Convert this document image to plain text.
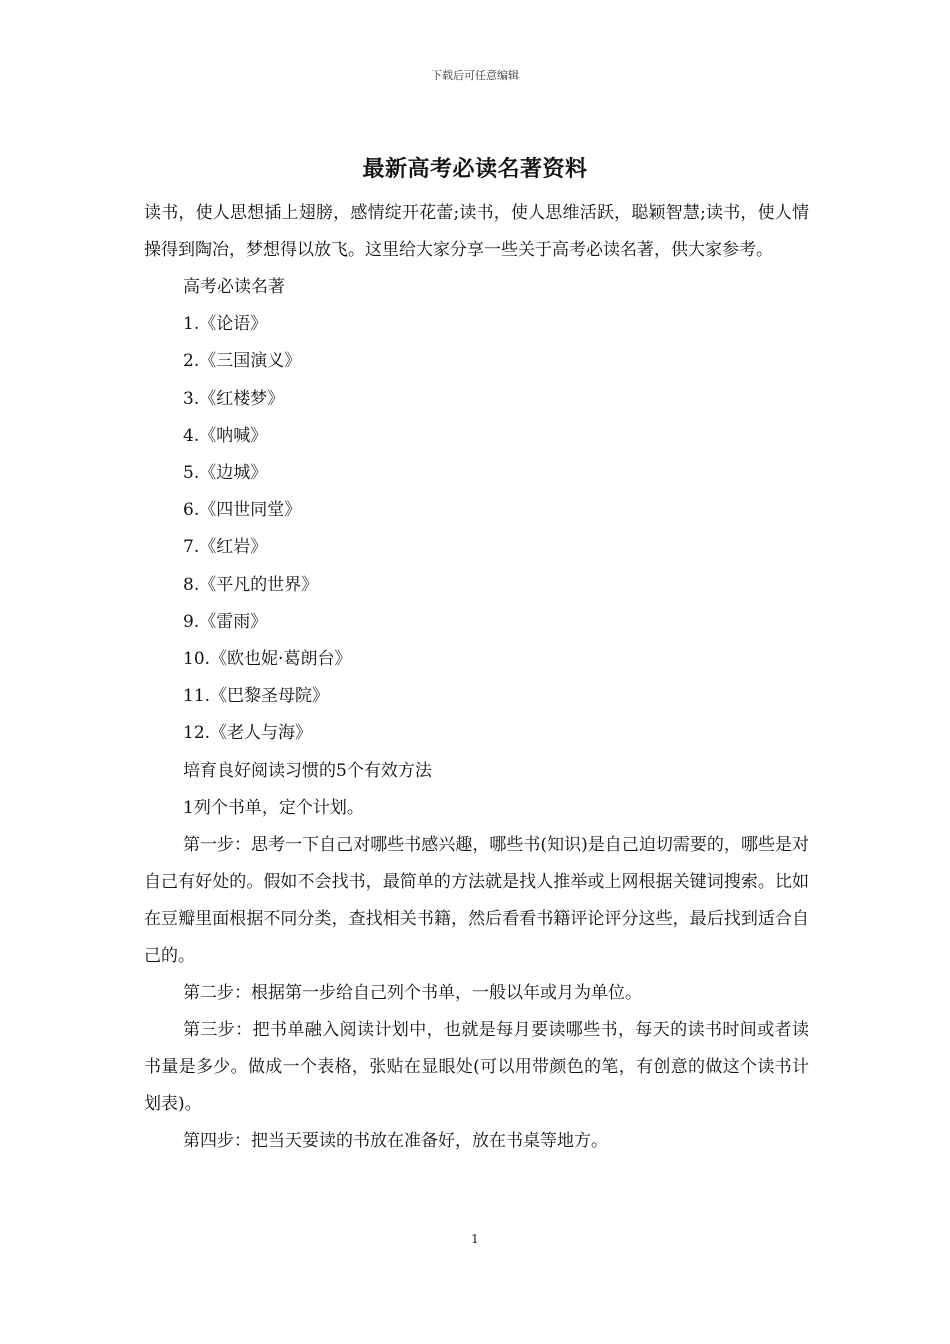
下载后可任意编辑
最新高考必读名著资料

读书，使人思想插上翅膀，感情绽开花蕾;读书，使人思维活跃，聪颖智慧;读书，使人情操得到陶冶，梦想得以放飞。这里给大家分享一些关于高考必读名著，供大家参考。

高考必读名著

1.《论语》

2.《三国演义》

3.《红楼梦》

4.《呐喊》

5.《边城》

6.《四世同堂》

7.《红岩》

8.《平凡的世界》

9.《雷雨》

10.《欧也妮·葛朗台》

11.《巴黎圣母院》

12.《老人与海》

培育良好阅读习惯的5个有效方法

1列个书单，定个计划。

第一步：思考一下自己对哪些书感兴趣，哪些书(知识)是自己迫切需要的，哪些是对自己有好处的。假如不会找书，最简单的方法就是找人推举或上网根据关键词搜索。比如在豆瓣里面根据不同分类，查找相关书籍，然后看看书籍评论评分这些，最后找到适合自己的。

第二步：根据第一步给自己列个书单，一般以年或月为单位。

第三步：把书单融入阅读计划中，也就是每月要读哪些书，每天的读书时间或者读书量是多少。做成一个表格，张贴在显眼处(可以用带颜色的笔，有创意的做这个读书计划表)。

第四步：把当天要读的书放在准备好，放在书桌等地方。

1
